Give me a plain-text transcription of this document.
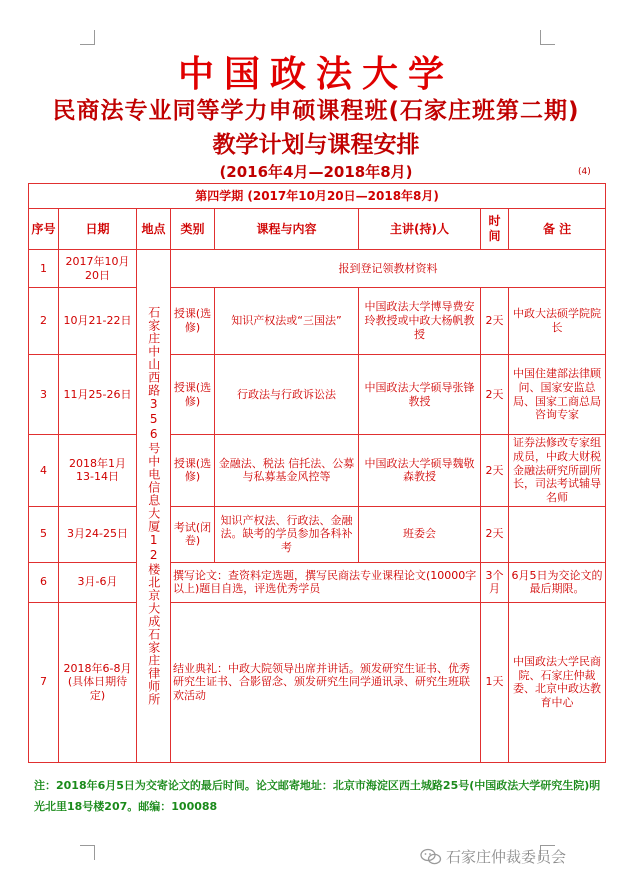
中国政法大学
民商法专业同等学力申硕课程班(石家庄班第二期)
教学计划与课程安排
(2016年4月—2018年8月)	(4)
第四学期 (2017年10月20日—2018年8月)							
序号	日期	地点	类别	课程与内容	主讲(持)人	时间	备 注
1	2017年10月20日	石家庄中山西路356号中电信息大厦12楼北京大成石家庄律师所	报到登记领教材资料				
2	10月21-22日		授课(选修)	知识产权法或“三国法”	中国政法大学博导费安玲教授或中政大杨帆教授	2天	中政大法硕学院院长
3	11月25-26日		授课(选修)	行政法与行政诉讼法	中国政法大学硕导张锋教授	2天	中国住建部法律顾问、国家安监总局、国家工商总局咨询专家
4	2018年1月13-14日		授课(选修)	金融法、税法 信托法、公募与私募基金风控等	中国政法大学硕导魏敬森教授	2天	证券法修改专家组成员，中政大财税金融法研究所副所长，司法考试辅导名师
5	3月24-25日		考试(闭卷)	知识产权法、行政法、金融法。缺考的学员参加各科补考	班委会	2天	
6	3月-6月		撰写论文：查资料定选题，撰写民商法专业课程论文(10000字以上)题目自选，评选优秀学员			3个月	6月5日为交论文的最后期限。
7	2018年6-8月(具体日期待定)		结业典礼：中政大院领导出席并讲话。颁发研究生证书、优秀研究生证书、合影留念、颁发研究生同学通讯录、研究生班联欢活动			1天	中国政法大学民商院、石家庄仲裁委、北京中政达教育中心
注：2018年6月5日为交寄论文的最后时间。论文邮寄地址：北京市海淀区西土城路25号(中国政法大学研究生院)明光北里18号楼207。邮编：100088
石家庄仲裁委员会
